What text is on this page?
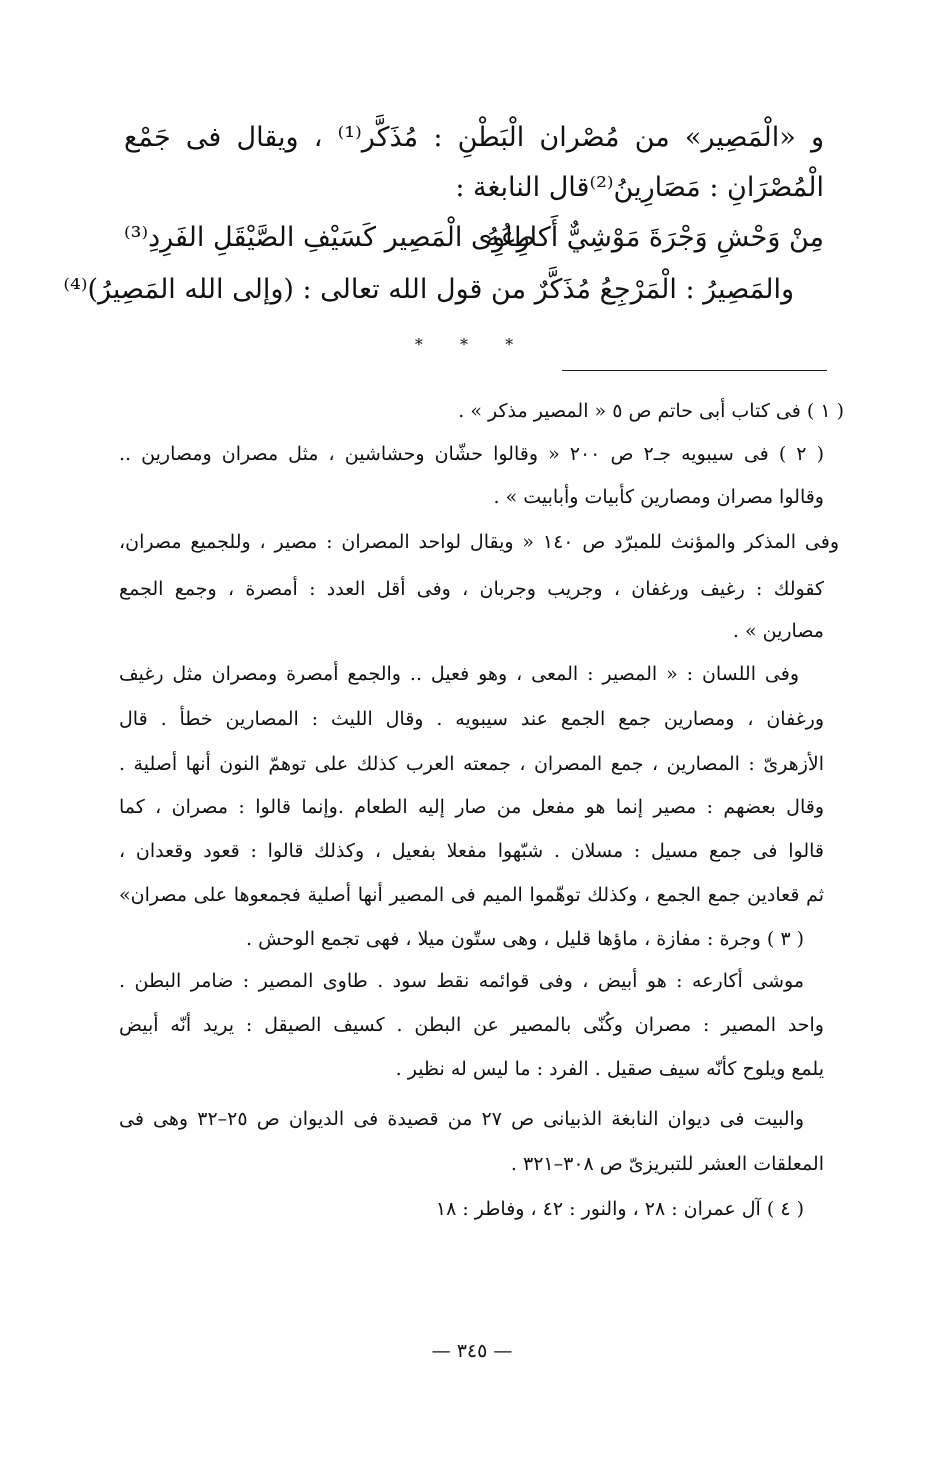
و «الْمَصِير» من مُصْران الْبَطْنِ : مُذَكَّر⁽¹⁾ ، ويقال فى جَمْع
الْمُصْرَانِ : مَصَارِينُ⁽²⁾قال النابغة :
مِنْ وَحْشِ وَجْرَةَ مَوْشِيٌّ أَكارِعُهُ
طاوِى الْمَصِير كَسَيْفِ الصَّيْقَلِ الفَرِدِ⁽³⁾
والمَصِيرُ : الْمَرْجِعُ مُذَكَّرٌ من قول الله تعالى : (وإلى الله المَصِيرُ)⁽⁴⁾
* * *
( ١ ) فى كتاب أبى حاتم ص ٥ « المصير مذكر » .
( ٢ ) فى سيبويه جـ٢ ص ٢٠٠ « وقالوا حشّان وحشاشين ، مثل مصران ومصارين ..
وقالوا مصران ومصارين كأبيات وأبابيت » .
وفى المذكر والمؤنث للمبرّد ص ١٤٠ « ويقال لواحد المصران : مصير ، وللجميع مصران،
كقولك : رغيف ورغفان ، وجريب وجربان ، وفى أقل العدد : أمصرة ، وجمع الجمع
مصارين » .
وفى اللسان : « المصير : المعى ، وهو فعيل .. والجمع أمصرة ومصران مثل رغيف
ورغفان ، ومصارين جمع الجمع عند سيبويه . وقال الليث : المصارين خطأ . قال
الأزهرىّ : المصارين ، جمع المصران ، جمعته العرب كذلك على توهمّ النون أنها أصلية .
وقال بعضهم : مصير إنما هو مفعل من صار إليه الطعام .وإنما قالوا : مصران ، كما
قالوا فى جمع مسيل : مسلان . شبّهوا مفعلا بفعيل ، وكذلك قالوا : قعود وقعدان ،
ثم قعادين جمع الجمع ، وكذلك توهّموا الميم فى المصير أنها أصلية فجمعوها على مصران»
( ٣ ) وجرة : مفازة ، ماؤها قليل ، وهى ستّون ميلا ، فهى تجمع الوحش .
موشى أكارعه : هو أبيض ، وفى قوائمه نقط سود . طاوى المصير : ضامر البطن .
واحد المصير : مصران وكُنّى بالمصير عن البطن . كسيف الصيقل : يريد أنّه أبيض
يلمع ويلوح كأنّه سيف صقيل . الفرد : ما ليس له نظير .
والبيت فى ديوان النابغة الذبيانى ص ٢٧ من قصيدة فى الديوان ص ٢٥–٣٢ وهى فى
المعلقات العشر للتبريزىّ ص ٣٠٨–٣٢١ .
( ٤ ) آل عمران : ٢٨ ، والنور : ٤٢ ، وفاطر : ١٨
— ٣٤٥ —
